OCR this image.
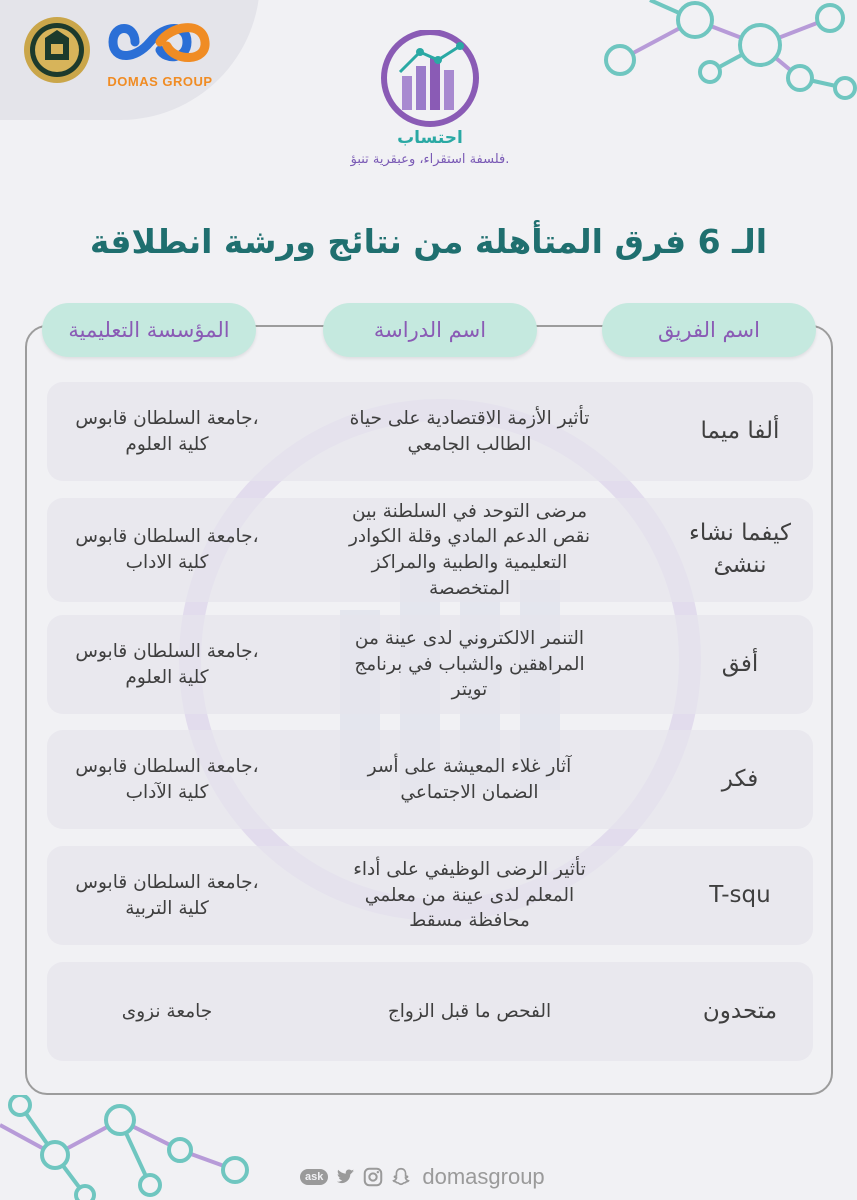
DOMAS GROUP
احتساب
فلسفة استقراء، وعبقرية تنبؤ.
الـ 6 فرق المتأهلة من نتائج ورشة انطلاقة
اسم الفريق
اسم الدراسة
المؤسسة التعليمية
ألفا ميما
تأثير الأزمة الاقتصادية على حياة
الطالب الجامعي
جامعة السلطان قابوس،
كلية العلوم
كيفما نشاء
ننشئ
مرضى التوحد في السلطنة بين
نقص الدعم المادي وقلة الكوادر
التعليمية والطبية والمراكز
المتخصصة
جامعة السلطان قابوس،
كلية الاداب
أفق
التنمر الالكتروني لدى عينة من
المراهقين والشباب في برنامج
تويتر
جامعة السلطان قابوس،
كلية العلوم
فكر
آثار غلاء المعيشة على أسر
الضمان الاجتماعي
جامعة السلطان قابوس،
كلية الآداب
T-squ
تأثير الرضى الوظيفي على أداء
المعلم لدى عينة من معلمي
محافظة مسقط
جامعة السلطان قابوس،
كلية التربية
متحدون
الفحص ما قبل الزواج
جامعة نزوى
ask	domasgroup
